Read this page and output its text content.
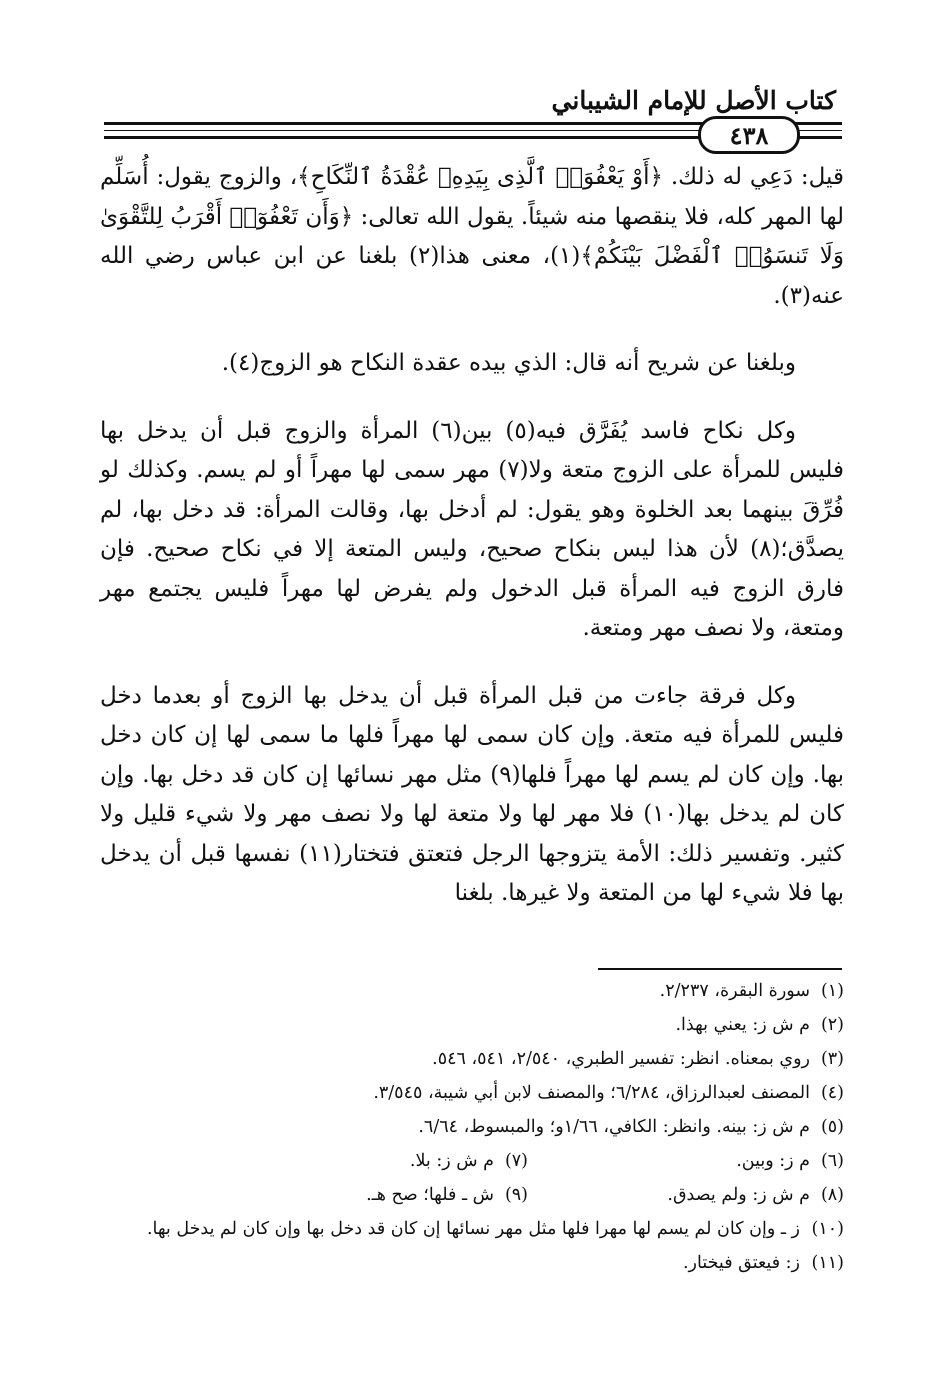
كتاب الأصل للإمام الشيباني
٤٣٨

قيل: دَعِي له ذلك. ﴿أَوْ يَعْفُوَا۟ ٱلَّذِى بِيَدِهِۦ عُقْدَةُ ٱلنِّكَاحِ﴾، والزوج يقول: أُسَلِّم لها المهر كله، فلا ينقصها منه شيئاً. يقول الله تعالى: ﴿وَأَن تَعْفُوٓا۟ أَقْرَبُ لِلتَّقْوَىٰ وَلَا تَنسَوُا۟ ٱلْفَضْلَ بَيْنَكُمْ﴾(١)، معنى هذا(٢) بلغنا عن ابن عباس رضي الله عنه(٣).

وبلغنا عن شريح أنه قال: الذي بيده عقدة النكاح هو الزوج(٤).

وكل نكاح فاسد يُفَرَّق فيه(٥) بين(٦) المرأة والزوج قبل أن يدخل بها فليس للمرأة على الزوج متعة ولا(٧) مهر سمى لها مهراً أو لم يسم. وكذلك لو فُرِّقَ بينهما بعد الخلوة وهو يقول: لم أدخل بها، وقالت المرأة: قد دخل بها، لم يصدَّق؛(٨) لأن هذا ليس بنكاح صحيح، وليس المتعة إلا في نكاح صحيح. فإن فارق الزوج فيه المرأة قبل الدخول ولم يفرض لها مهراً فليس يجتمع مهر ومتعة، ولا نصف مهر ومتعة.

وكل فرقة جاءت من قبل المرأة قبل أن يدخل بها الزوج أو بعدما دخل فليس للمرأة فيه متعة. وإن كان سمى لها مهراً فلها ما سمى لها إن كان دخل بها. وإن كان لم يسم لها مهراً فلها(٩) مثل مهر نسائها إن كان قد دخل بها. وإن كان لم يدخل بها(١٠) فلا مهر لها ولا متعة لها ولا نصف مهر ولا شيء قليل ولا كثير. وتفسير ذلك: الأمة يتزوجها الرجل فتعتق فتختار(١١) نفسها قبل أن يدخل بها فلا شيء لها من المتعة ولا غيرها. بلغنا

(١)
سورة البقرة، ٢/٢٣٧.
(٢)
م ش ز: يعني بهذا.
(٣)
روي بمعناه. انظر: تفسير الطبري، ٢/٥٤٠، ٥٤١، ٥٤٦.
(٤)
المصنف لعبدالرزاق، ٦/٢٨٤؛ والمصنف لابن أبي شيبة، ٣/٥٤٥.
(٥)
م ش ز: بينه. وانظر: الكافي، ١/٦٦و؛ والمبسوط، ٦/٦٤.
(٦)
م ز: وبين.
(٧)
م ش ز: بلا.
(٨)
م ش ز: ولم يصدق.
(٩)
ش ـ فلها؛ صح هـ.
(١٠)
ز ـ وإن كان لم يسم لها مهرا فلها مثل مهر نسائها إن كان قد دخل بها وإن كان لم يدخل بها.
(١١)
ز: فيعتق فيختار.
